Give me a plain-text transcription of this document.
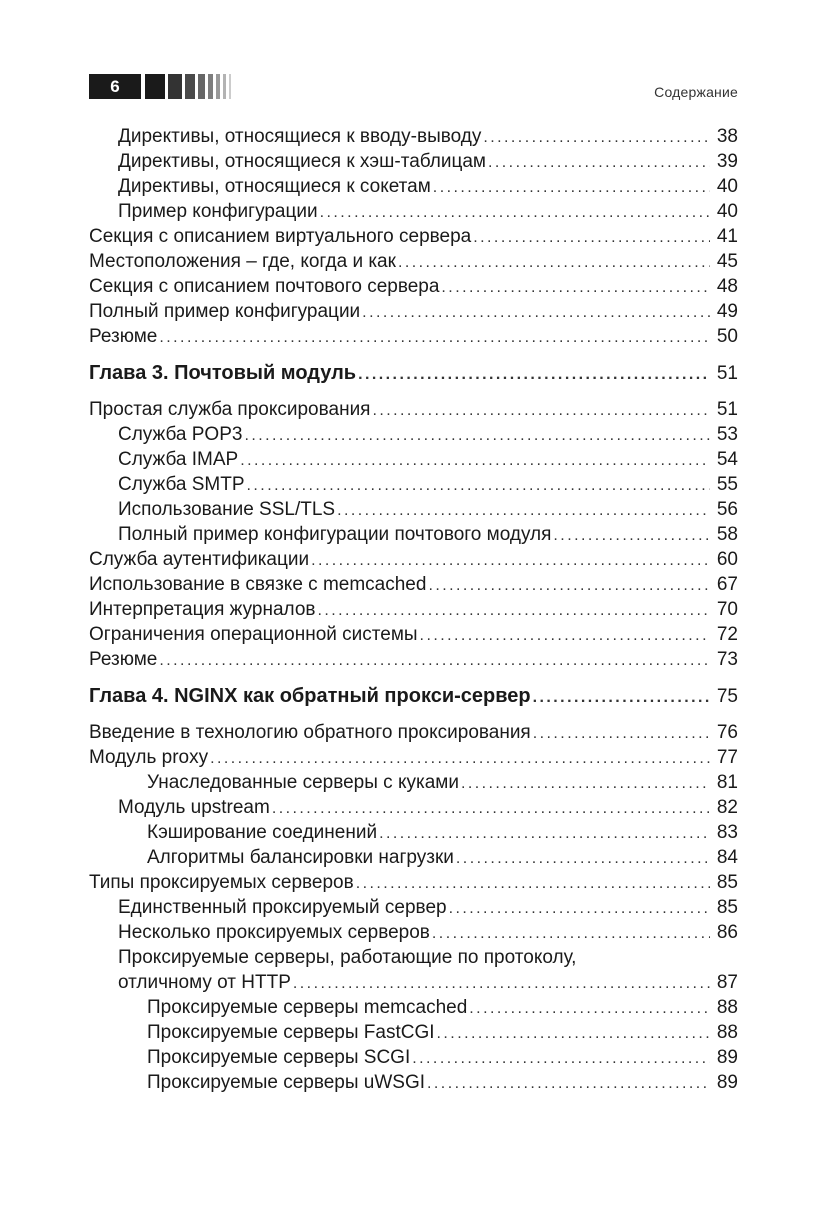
6	Содержание
Директивы, относящиеся к вводу-выводу . . .	38
Директивы, относящиеся к хэш-таблицам . . .	39
Директивы, относящиеся к сокетам . . .	40
Пример конфигурации . . .	40
Секция с описанием виртуального сервера . . .	41
Местоположения – где, когда и как . . .	45
Секция с описанием почтового сервера . . .	48
Полный пример конфигурации . . .	49
Резюме . . .	50
Глава 3. Почтовый модуль . . .	51
Простая служба проксирования . . .	51
Служба POP3 . . .	53
Служба IMAP . . .	54
Служба SMTP . . .	55
Использование SSL/TLS . . .	56
Полный пример конфигурации почтового модуля . . .	58
Служба аутентификации . . .	60
Использование в связке с memcached . . .	67
Интерпретация журналов . . .	70
Ограничения операционной системы . . .	72
Резюме . . .	73
Глава 4. NGINX как обратный прокси-сервер . . .	75
Введение в технологию обратного проксирования . . .	76
Модуль proxy . . .	77
Унаследованные серверы с куками . . .	81
Модуль upstream . . .	82
Кэширование соединений . . .	83
Алгоритмы балансировки нагрузки . . .	84
Типы проксируемых серверов . . .	85
Единственный проксируемый сервер . . .	85
Несколько проксируемых серверов . . .	86
Проксируемые серверы, работающие по протоколу,
отличному от HTTP . . .	87
Проксируемые серверы memcached . . .	88
Проксируемые серверы FastCGI . . .	88
Проксируемые серверы SCGI . . .	89
Проксируемые серверы uWSGI . . .	89
